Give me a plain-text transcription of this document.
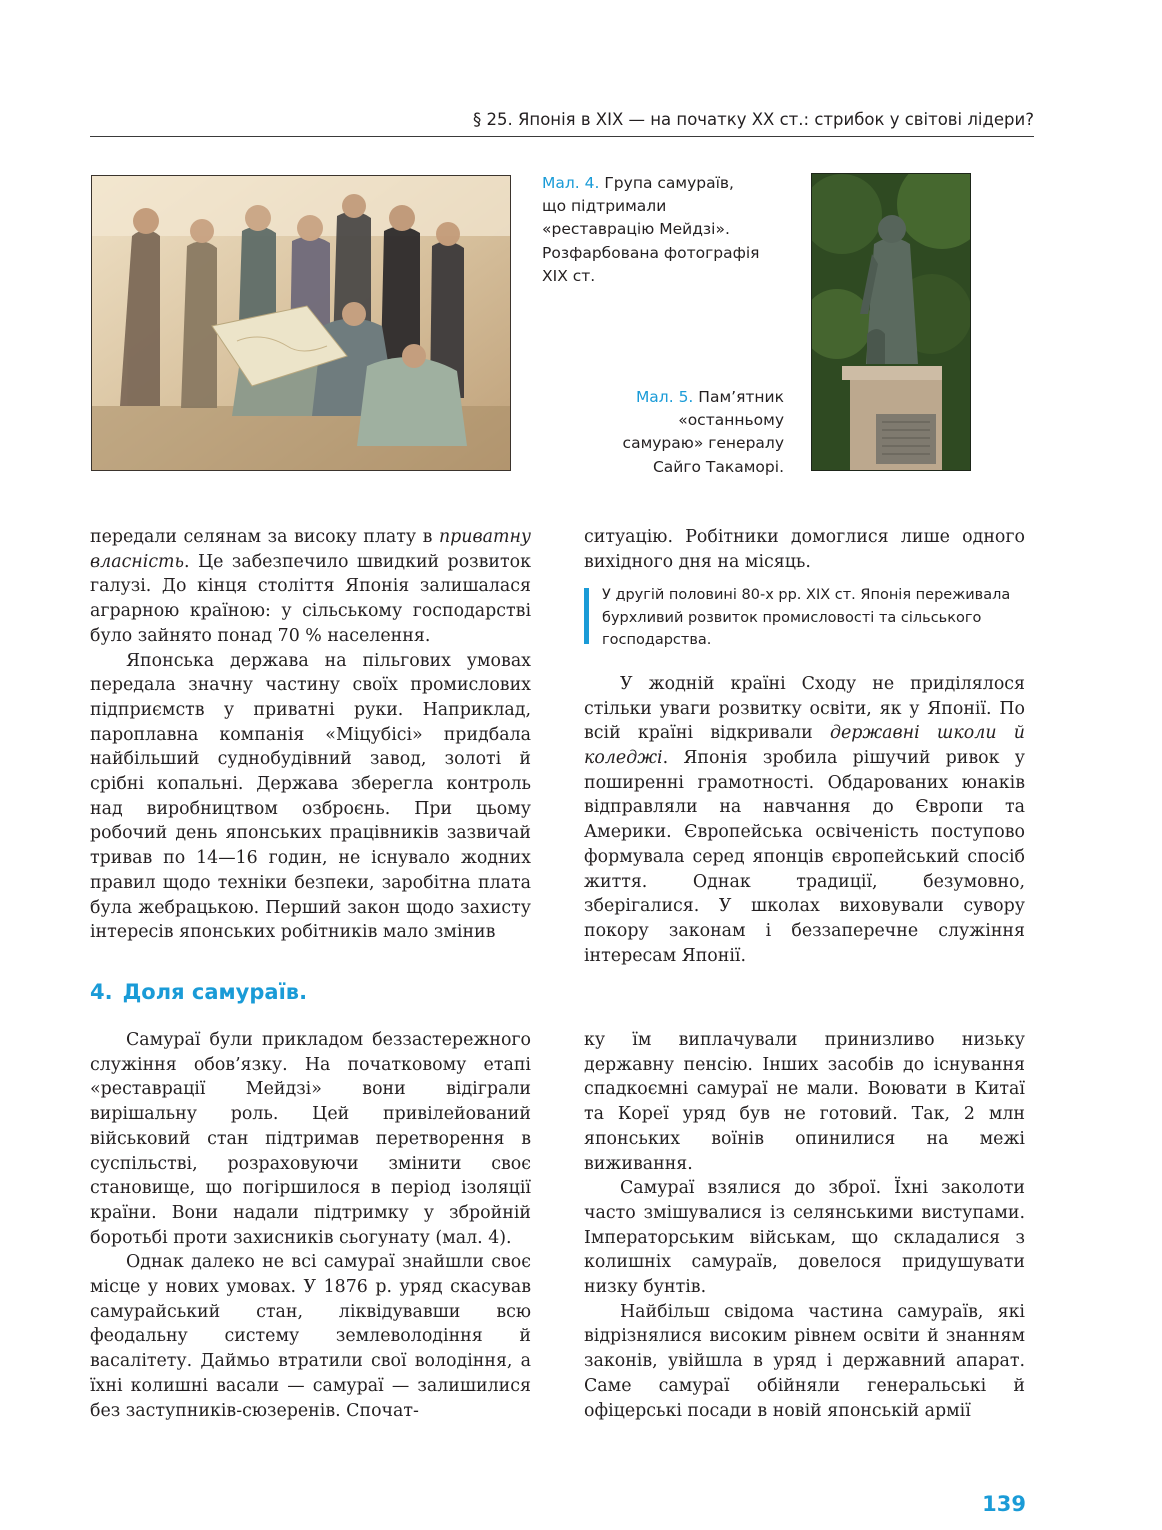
§ 25. Японія в XIX — на початку XX ст.: стрибок у світові лідери?

Мал. 4. Група самураїв, що підтримали «реставрацію Мейдзі». Розфарбована фотографія XIX ст.

Мал. 5. Пам’ятник «останньому самураю» генералу Сайго Такаморі.

передали селянам за високу плату в приватну власність. Це забезпечило швидкий розвиток галузі. До кінця століття Японія залишалася аграрною країною: у сільському господарстві було зайнято понад 70 % населення.

Японська держава на пільгових умовах передала значну частину своїх промислових підприємств у приватні руки. Наприклад, пароплавна компанія «Міцубісі» придбала найбільший суднобудівний завод, золоті й срібні копальні. Держава зберегла контроль над виробництвом озброєнь. При цьому робочий день японських працівників зазвичай тривав по 14—16 годин, не існувало жодних правил щодо техніки безпеки, заробітна плата була жебрацькою. Перший закон щодо захисту інтересів японських робітників мало змінив

ситуацію. Робітники домоглися лише одного вихідного дня на місяць.

У другій половині 80-х рр. XIX ст. Японія переживала бурхливий розвиток промисловості та сільського господарства.

У жодній країні Сходу не приділялося стільки уваги розвитку освіти, як у Японії. По всій країні відкривали державні школи й коледжі. Японія зробила рішучий ривок у поширенні грамотності. Обдарованих юнаків відправляли на навчання до Європи та Америки. Європейська освіченість поступово формувала серед японців європейський спосіб життя. Однак традиції, безумовно, зберігалися. У школах виховували сувору покору законам і беззаперечне служіння інтересам Японії.

4. Доля самураїв.

Самураї були прикладом беззастережного служіння обов’язку. На початковому етапі «реставрації Мейдзі» вони відіграли вирішальну роль. Цей привілейований військовий стан підтримав перетворення в суспільстві, розраховуючи змінити своє становище, що погіршилося в період ізоляції країни. Вони надали підтримку у збройній боротьбі проти захисників сьогунату (мал. 4).

Однак далеко не всі самураї знайшли своє місце у нових умовах. У 1876 р. уряд скасував самурайський стан, ліквідувавши всю феодальну систему землеволодіння й васалітету. Даймьо втратили свої володіння, а їхні колишні васали — самураї — залишилися без заступників-сюзеренів. Спочат-

ку їм виплачували принизливо низьку державну пенсію. Інших засобів до існування спадкоємні самураї не мали. Воювати в Китаї та Кореї уряд був не готовий. Так, 2 млн японських воїнів опинилися на межі виживання.

Самураї взялися до зброї. Їхні заколоти часто змішувалися із селянськими виступами. Імператорським військам, що складалися з колишніх самураїв, довелося придушувати низку бунтів.

Найбільш свідома частина самураїв, які відрізнялися високим рівнем освіти й знанням законів, увійшла в уряд і державний апарат. Саме самураї обійняли генеральські й офіцерські посади в новій японській армії

139
